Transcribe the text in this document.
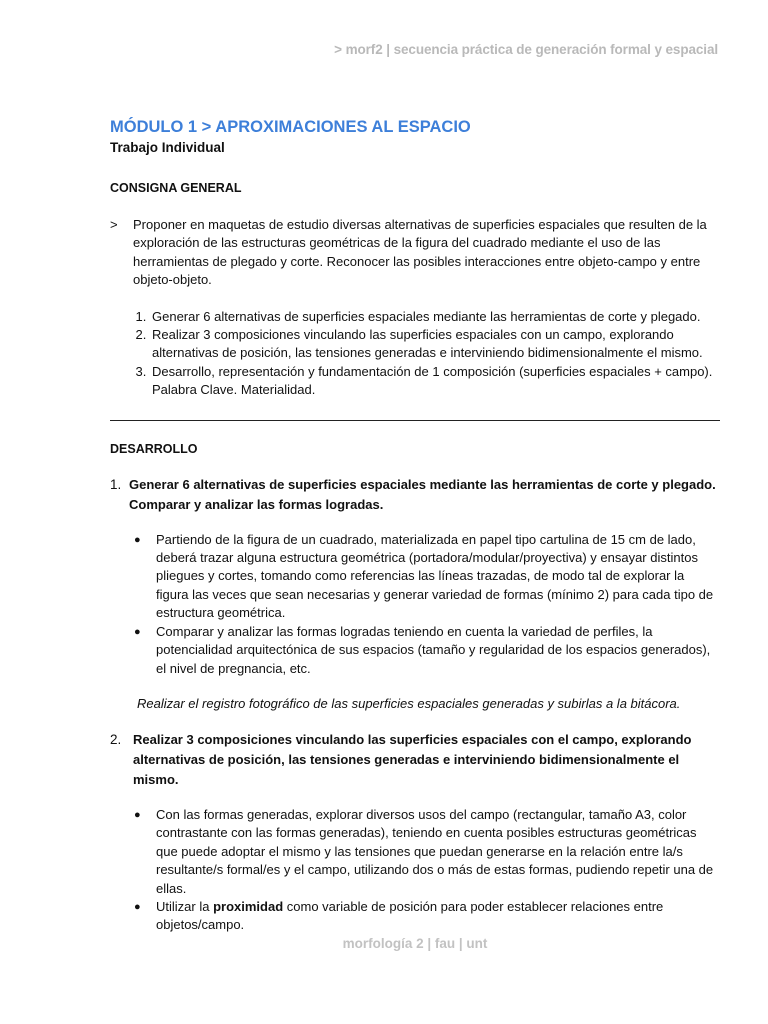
> morf2 | secuencia práctica de generación formal y espacial
MÓDULO 1 > APROXIMACIONES AL ESPACIO
Trabajo Individual
CONSIGNA GENERAL

> Proponer en maquetas de estudio diversas alternativas de superficies espaciales que resulten de la exploración de las estructuras geométricas de la figura del cuadrado mediante el uso de las herramientas de plegado y corte. Reconocer las posibles interacciones entre objeto-campo y entre objeto-objeto.

1. Generar 6 alternativas de superficies espaciales mediante las herramientas de corte y plegado.
2. Realizar 3 composiciones vinculando las superficies espaciales con un campo, explorando alternativas de posición, las tensiones generadas e interviniendo bidimensionalmente el mismo.
3. Desarrollo, representación y fundamentación de 1 composición (superficies espaciales + campo). Palabra Clave. Materialidad.
DESARROLLO
1. Generar 6 alternativas de superficies espaciales mediante las herramientas de corte y plegado. Comparar y analizar las formas logradas.

● Partiendo de la figura de un cuadrado, materializada en papel tipo cartulina de 15 cm de lado, deberá trazar alguna estructura geométrica (portadora/modular/proyectiva) y ensayar distintos pliegues y cortes, tomando como referencias las líneas trazadas, de modo tal de explorar la figura las veces que sean necesarias y generar variedad de formas (mínimo 2) para cada tipo de estructura geométrica.
● Comparar y analizar las formas logradas teniendo en cuenta la variedad de perfiles, la potencialidad arquitectónica de sus espacios (tamaño y regularidad de los espacios generados), el nivel de pregnancia, etc.

Realizar el registro fotográfico de las superficies espaciales generadas y subirlas a la bitácora.

2. Realizar 3 composiciones vinculando las superficies espaciales con el campo, explorando alternativas de posición, las tensiones generadas e interviniendo bidimensionalmente el mismo.

● Con las formas generadas, explorar diversos usos del campo (rectangular, tamaño A3, color contrastante con las formas generadas), teniendo en cuenta posibles estructuras geométricas que puede adoptar el mismo y las tensiones que puedan generarse en la relación entre la/s resultante/s formal/es y el campo, utilizando dos o más de estas formas, pudiendo repetir una de ellas.
● Utilizar la proximidad como variable de posición para poder establecer relaciones entre objetos/campo.
morfología 2 | fau | unt
